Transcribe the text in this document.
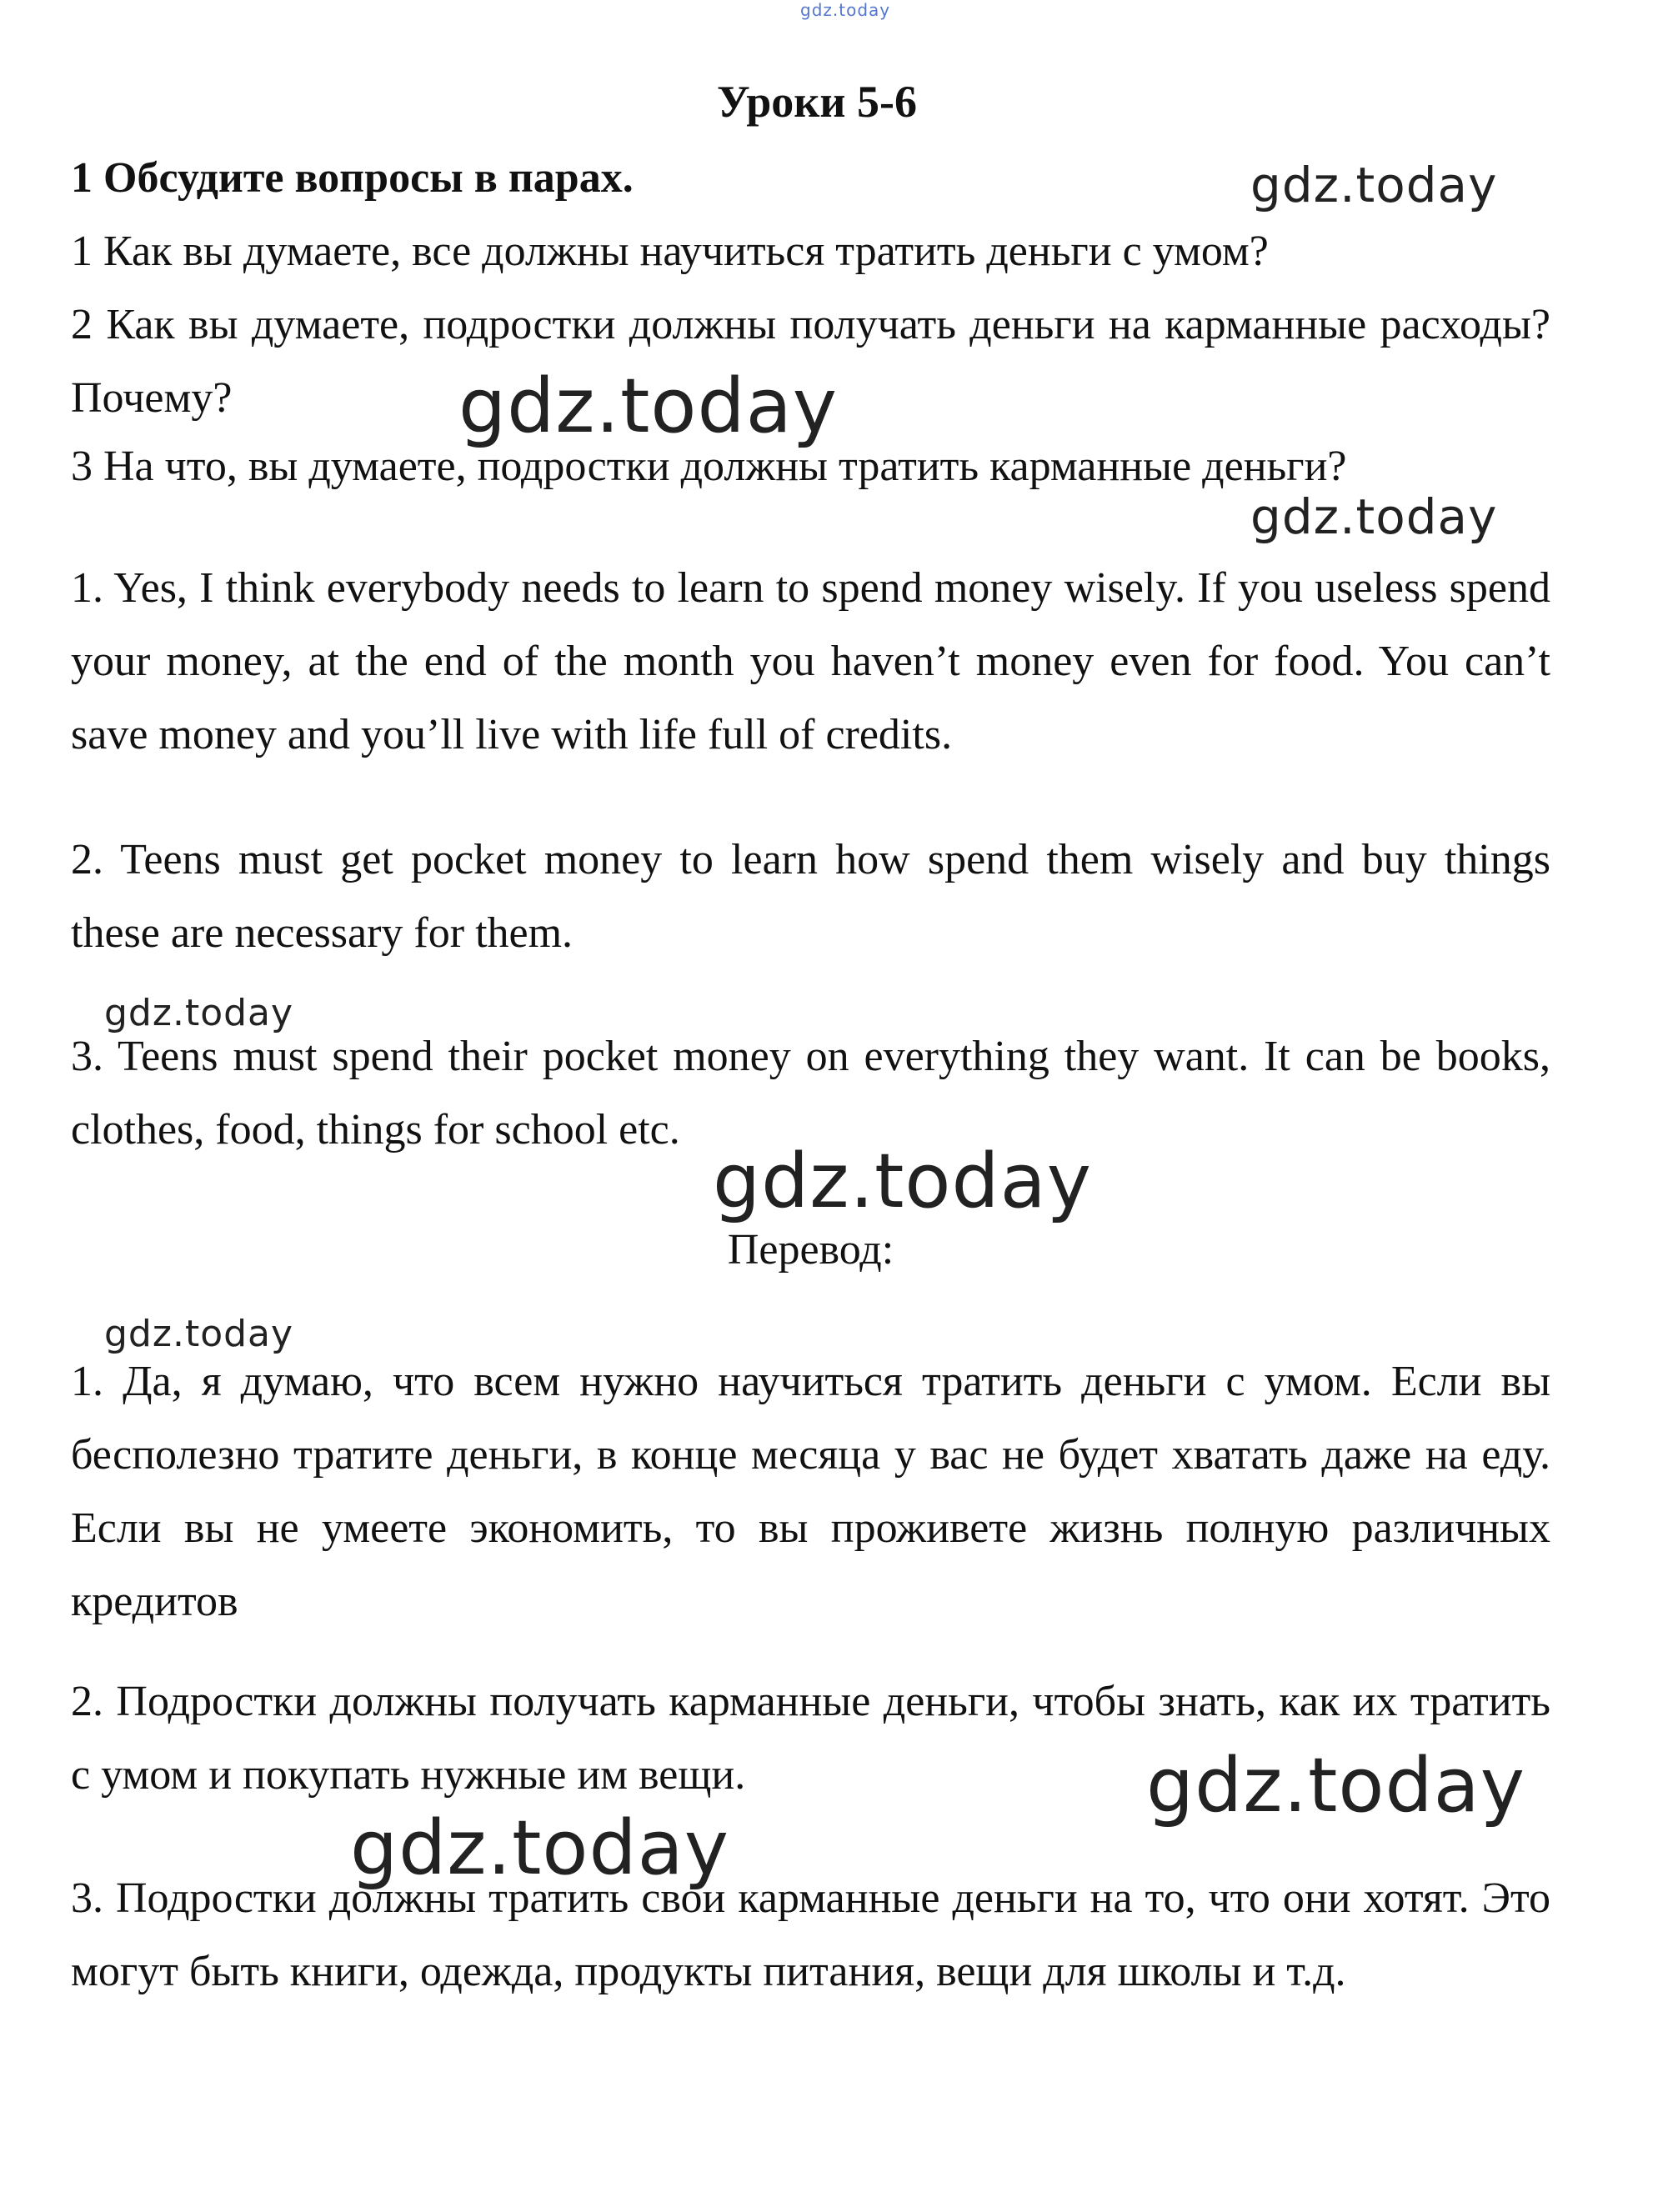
gdz.today
Уроки 5-6
1 Обсудите вопросы в парах.
1 Как вы думаете, все должны научиться тратить деньги с умом?
2 Как вы думаете, подростки должны получать деньги на карманные расходы? Почему?
3 На что, вы думаете, подростки должны тратить карманные деньги?
1. Yes, I think everybody needs to learn to spend money wisely. If you useless spend your money, at the end of the month you haven’t money even for food. You can’t save money and you’ll live with life full of credits.
2. Teens must get pocket money to learn how spend them wisely and buy things these are necessary for them.
3. Teens must spend their pocket money on everything they want. It can be books, clothes, food, things for school etc.
Перевод:
1. Да, я думаю, что всем нужно научиться тратить деньги с умом. Если вы бесполезно тратите деньги, в конце месяца у вас не будет хватать даже на еду. Если вы не умеете экономить, то вы проживете жизнь полную различных кредитов
2. Подростки должны получать карманные деньги, чтобы знать, как их тратить с умом и покупать нужные им вещи.
3. Подростки должны тратить свои карманные деньги на то, что они хотят. Это могут быть книги, одежда, продукты питания, вещи для школы и т.д.
gdz.today
gdz.today
gdz.today
gdz.today
gdz.today
gdz.today
gdz.today
gdz.today
